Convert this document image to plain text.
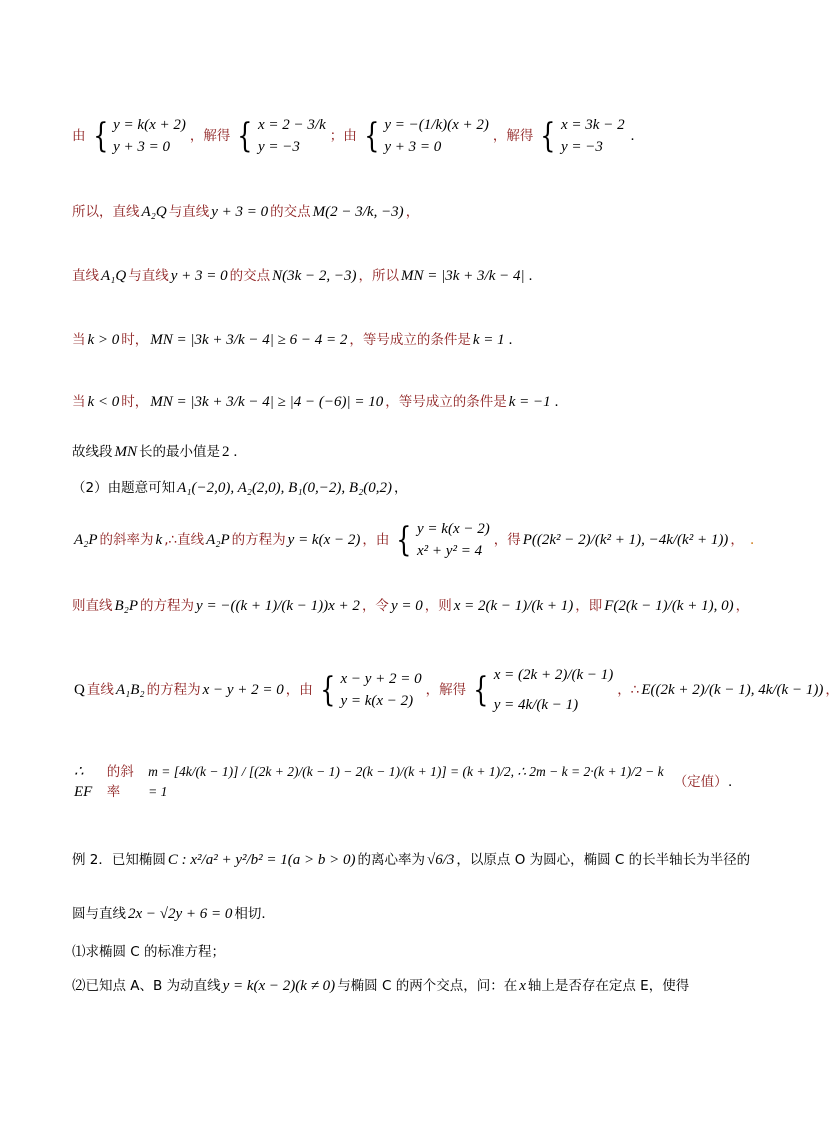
由 { y = k(x + 2)
y + 3 = 0
，解得 { x = 2 − 3/k
y = −3
；由 { y = −(1/k)(x + 2)
y + 3 = 0
，解得 { x = 3k − 2
y = −3
.
所以，直线 A₂Q 与直线 y + 3 = 0 的交点 M(2 − 3/k, −3) ，
直线 A₁Q 与直线 y + 3 = 0 的交点 N(3k − 2, −3) ，所以 MN = |3k + 3/k − 4| .
当 k > 0 时， MN = |3k + 3/k − 4| ≥ 6 − 4 = 2 ，等号成立的条件是 k = 1 .
当 k < 0 时， MN = |3k + 3/k − 4| ≥ |4 − (−6)| = 10 ，等号成立的条件是 k = −1 .
故线段 MN 长的最小值是 2 .
（2）由题意可知 A₁(−2,0), A₂(2,0), B₁(0,−2), B₂(0,2) ，
A₂P 的斜率为 k ,∴直线 A₂P 的方程为 y = k(x − 2) ，由 { y = k(x − 2)
x² + y² = 4
，得 P((2k² − 2)/(k² + 1), −4k/(k² + 1)) ， .
则直线 B₂P 的方程为 y = −((k + 1)/(k − 1))x + 2 ，令 y = 0 ，则 x = 2(k − 1)/(k + 1) ，即 F(2(k − 1)/(k + 1), 0) ，
Q 直线 A₁B₂ 的方程为 x − y + 2 = 0 ，由 { x − y + 2 = 0
y = k(x − 2)
，解得 { x = (2k + 2)/(k − 1)
y = 4k/(k − 1)
，∴ E((2k + 2)/(k − 1), 4k/(k − 1)) ，
∴ EF
的斜率
m = [4k/(k − 1)] / [(2k + 2)/(k − 1) − 2(k − 1)/(k + 1)] = (k + 1)/2, ∴ 2m − k = 2·(k + 1)/2 − k = 1
（定值） .
例 2．已知椭圆 C : x²/a² + y²/b² = 1(a > b > 0) 的离心率为 √6/3 ，以原点 O 为圆心，椭圆 C 的长半轴长为半径的
圆与直线 2x − √2y + 6 = 0 相切．
⑴求椭圆 C 的标准方程；
⑵已知点 A、B 为动直线 y = k(x − 2)(k ≠ 0) 与椭圆 C 的两个交点，问：在 x 轴上是否存在定点 E，使得
